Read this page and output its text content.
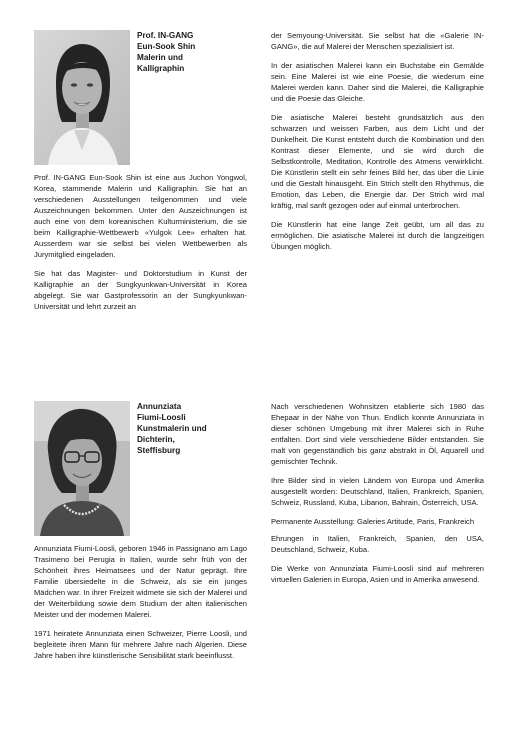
Prof. IN-GANG
Eun-Sook Shin
Malerin und
Kalligraphin

Prof. IN-GANG Eun-Sook Shin ist eine aus Juchon Yongwol, Korea, stammende Malerin und Kalligraphin. Sie hat an verschiedenen Ausstellungen teilgenommen und viele Auszeichnungen bekommen. Unter den Auszeichnungen ist auch eine von dem koreanischen Kulturministerium, die sie beim Kalligraphie-Wettbewerb «Yulgok Lee» erhalten hat. Ausserdem war sie selbst bei vielen Wettbewerben als Jurymitglied eingeladen.

Sie hat das Magister- und Doktorstudium in Kunst der Kalligraphie an der Sungkyunkwan-Universität in Korea abgelegt. Sie war Gastprofessorin an der Sungkyunkwan-Universität und lehrt zurzeit an

der Semyoung-Universität. Sie selbst hat die «Galerie IN-GANG», die auf Malerei der Menschen spezialisiert ist.

In der asiatischen Malerei kann ein Buchstabe ein Gemälde sein. Eine Malerei ist wie eine Poesie, die wiederum eine Malerei werden kann. Daher sind die Malerei, die Kalligraphie und die Poesie das Gleiche.

Die asiatische Malerei besteht grundsätzlich aus den schwarzen und weissen Farben, aus dem Licht und der Dunkelheit. Die Kunst entsteht durch die Kombination und den Kontrast dieser Elemente, und sie wird durch die Selbstkontrolle, Meditation, Kontrolle des Atmens verwirklicht. Die Künstlerin stellt ein sehr feines Bild her, das über die Linie und die Gestalt hinausgeht. Ein Strich stellt den Rhythmus, die Emotion, das Leben, die Energie dar. Der Strich wird mal kräftig, mal sanft gezogen oder auf einmal unterbrochen.

Die Künstlerin hat eine lange Zeit geübt, um all das zu ermöglichen. Die asiatische Malerei ist durch die langzeitigen Übungen möglich.

Annunziata
Fiumi-Loosli
Kunstmalerin und
Dichterin,
Steffisburg

Annunziata Fiumi-Loosli, geboren 1946 in Passignano am Lago Trasimeno bei Perugia in Italien, wurde sehr früh von der Schönheit ihres Heimatsees und der Natur geprägt. Ihre Familie übersiedelte in die Schweiz, als sie ein junges Mädchen war. In ihrer Freizeit widmete sie sich der Malerei und der Weiterbildung sowie dem Studium der alten italienischen Meister und der modernen Malerei.

1971 heiratete Annunziata einen Schweizer, Pierre Loosli, und begleitete ihren Mann für mehrere Jahre nach Algerien. Diese Jahre haben ihre künstlerische Sensibilität stark beeinflusst.

Nach verschiedenen Wohnsitzen etablierte sich 1980 das Ehepaar in der Nähe von Thun. Endlich konnte Annunziata in dieser schönen Umgebung mit ihrer Malerei sich in Ruhe entfalten. Dort sind viele verschiedene Bilder entstanden. Sie malt von gegenständlich bis ganz abstrakt in Öl, Aquarell und gemischter Technik.

Ihre Bilder sind in vielen Ländern von Europa und Amerika ausgestellt worden: Deutschland, Italien, Frankreich, Spanien, Schweiz, Russland, Kuba, Libanon, Bahrain, Österreich, USA.

Permanente Ausstellung: Galeries Artitude, Paris, Frankreich

Ehrungen in Italien, Frankreich, Spanien, den USA, Deutschland, Schweiz, Kuba.

Die Werke von Annunziata Fiumi-Loosli sind auf mehreren virtuellen Galerien in Europa, Asien und in Amerika anwesend.
